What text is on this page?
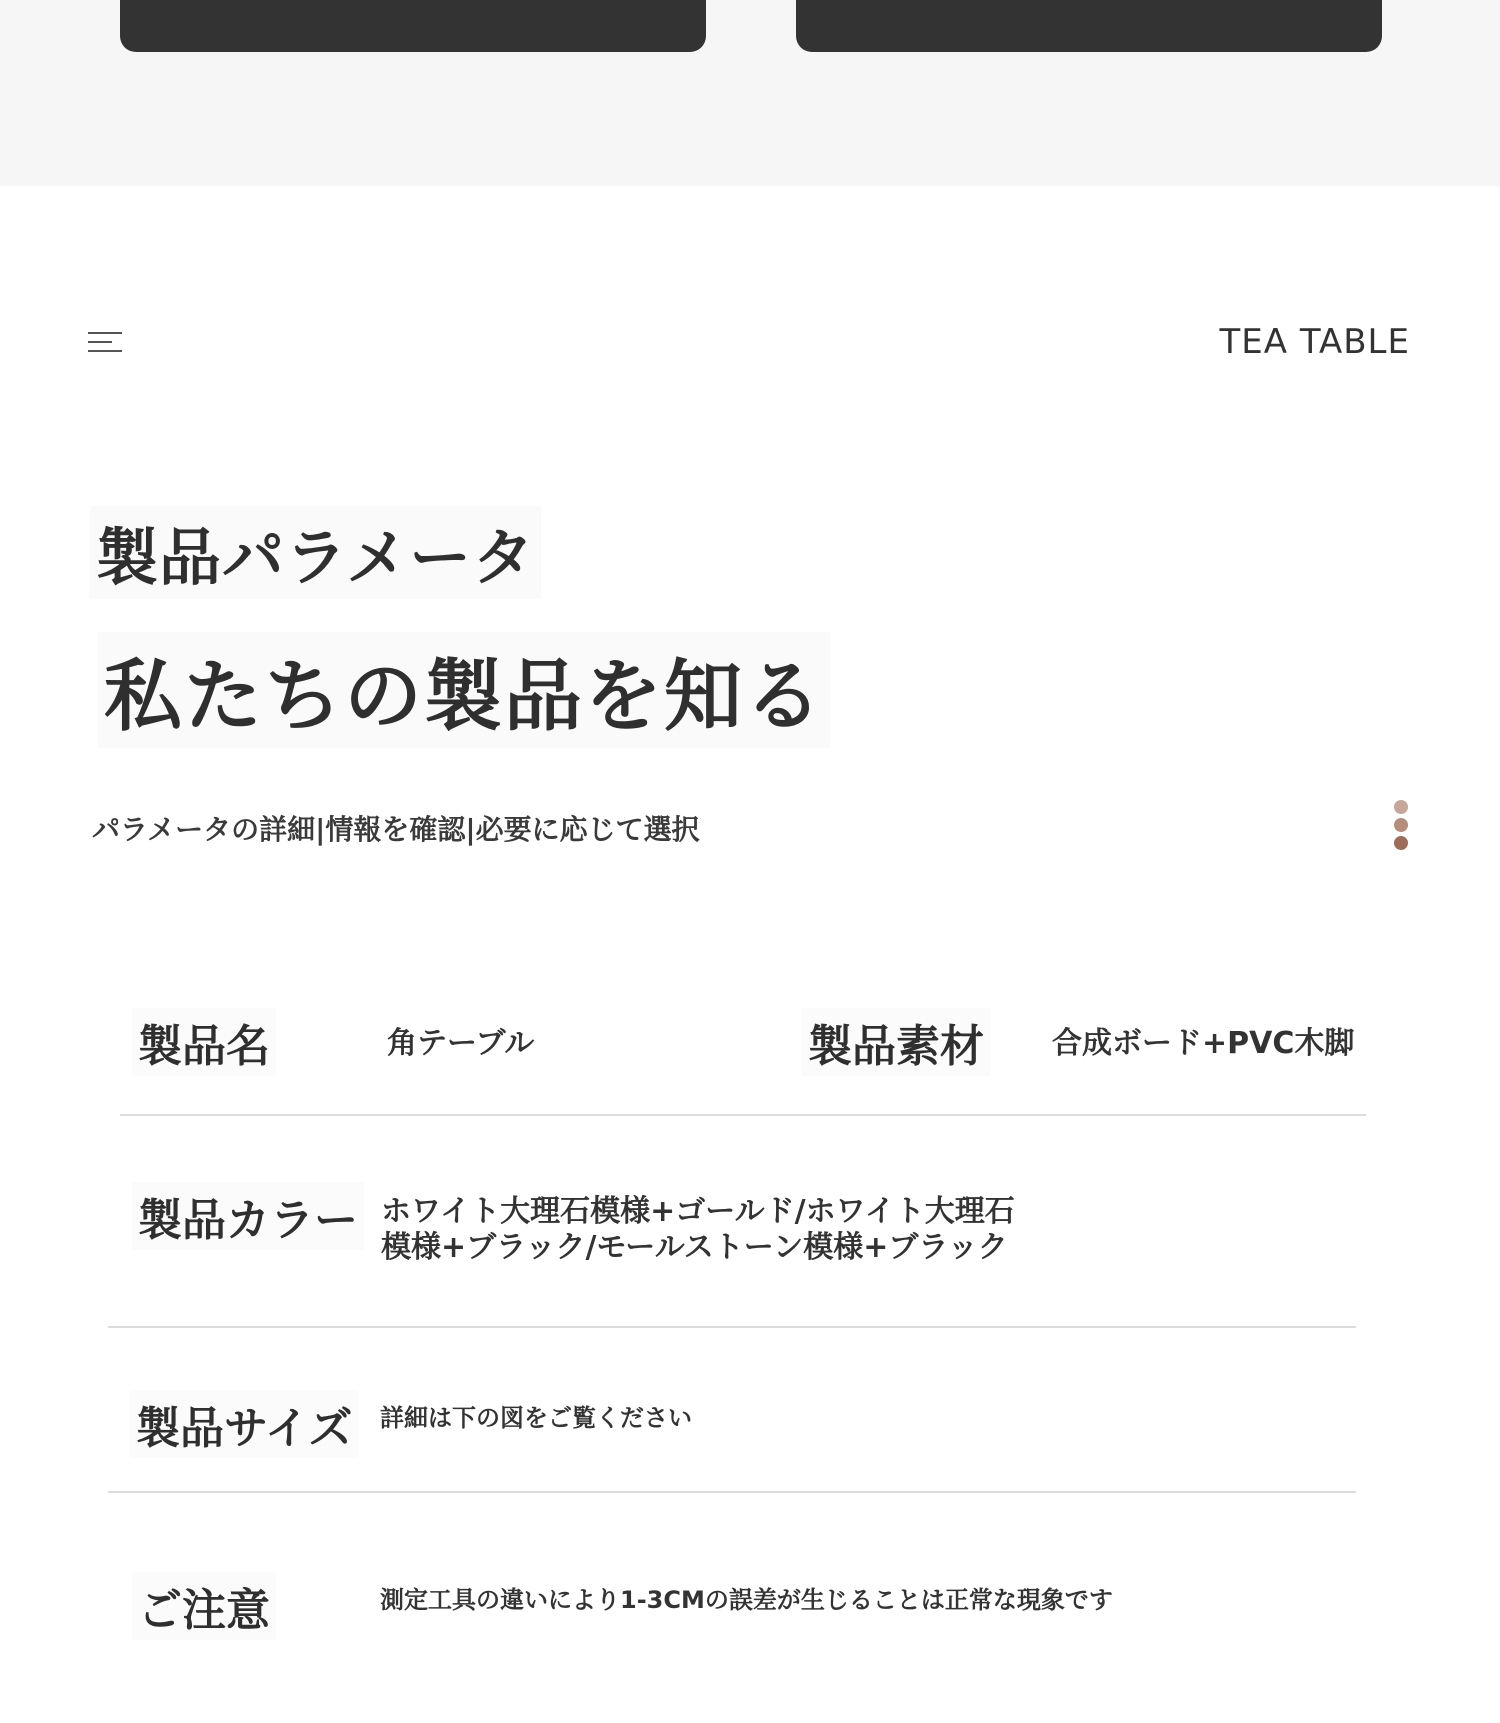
TEA TABLE
製品パラメータ
私たちの製品を知る
パラメータの詳細|情報を確認|必要に応じて選択
製品名	角テーブル	製品素材 合成ボード+PVC木脚
製品カラー ホワイト大理石模様+ゴールド/ホワイト大理石
模様+ブラック/モールストーン模様+ブラック
製品サイズ 詳細は下の図をご覧ください
ご注意	測定工具の違いにより1-3CMの誤差が生じることは正常な現象です
